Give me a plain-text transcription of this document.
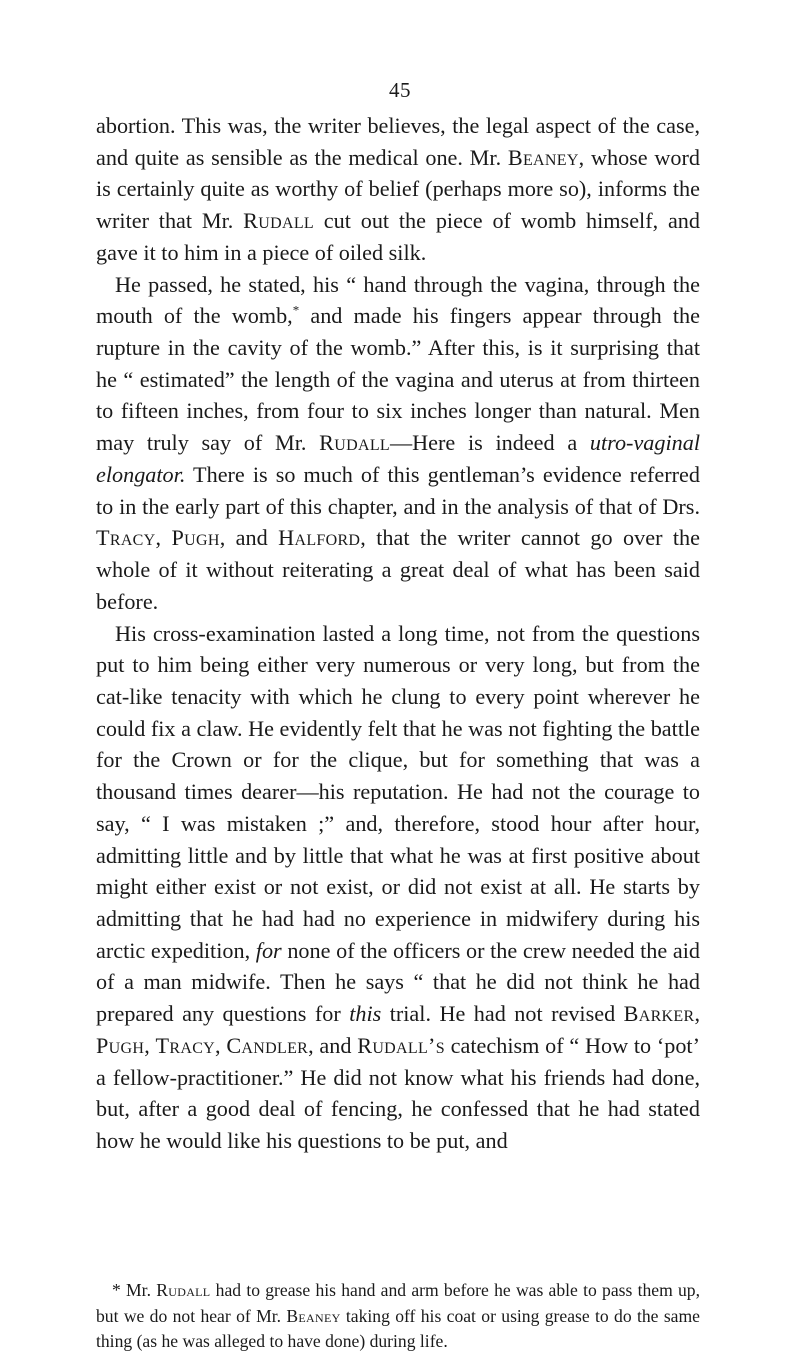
45

abortion. This was, the writer believes, the legal aspect of the case, and quite as sensible as the medical one. Mr. Beaney, whose word is certainly quite as worthy of belief (perhaps more so), informs the writer that Mr. Rudall cut out the piece of womb himself, and gave it to him in a piece of oiled silk.

He passed, he stated, his “ hand through the vagina, through the mouth of the womb,* and made his fingers appear through the rupture in the cavity of the womb.” After this, is it surprising that he “ estimated” the length of the vagina and uterus at from thirteen to fifteen inches, from four to six inches longer than natural. Men may truly say of Mr. Rudall—Here is indeed a utro-vaginal elongator. There is so much of this gentleman’s evidence referred to in the early part of this chapter, and in the analysis of that of Drs. Tracy, Pugh, and Halford, that the writer cannot go over the whole of it without reiterating a great deal of what has been said before.

His cross-examination lasted a long time, not from the questions put to him being either very numerous or very long, but from the cat-like tenacity with which he clung to every point wherever he could fix a claw. He evidently felt that he was not fighting the battle for the Crown or for the clique, but for something that was a thousand times dearer—his reputation. He had not the courage to say, “ I was mistaken ;” and, therefore, stood hour after hour, admitting little and by little that what he was at first positive about might either exist or not exist, or did not exist at all. He starts by admitting that he had had no experience in midwifery during his arctic expedition, for none of the officers or the crew needed the aid of a man midwife. Then he says “ that he did not think he had prepared any questions for this trial. He had not revised Barker, Pugh, Tracy, Candler, and Rudall’s catechism of “ How to ‘pot’ a fellow-practitioner.” He did not know what his friends had done, but, after a good deal of fencing, he confessed that he had stated how he would like his questions to be put, and

* Mr. Rudall had to grease his hand and arm before he was able to pass them up, but we do not hear of Mr. Beaney taking off his coat or using grease to do the same thing (as he was alleged to have done) during life.
